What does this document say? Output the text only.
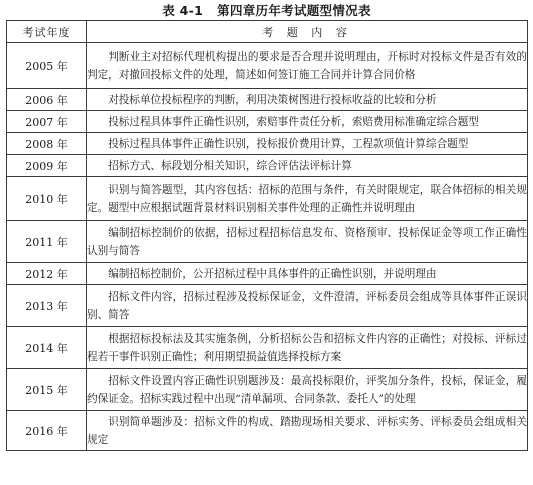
表 4-1 第四章历年考试题型情况表
考试年度	考 题 内 容
2005 年	判断业主对招标代理机构提出的要求是否合理并说明理由，开标时对投标文件是否有效的判定，对撤回投标文件的处理，简述如何签订施工合同并计算合同价格

2006 年	对投标单位投标程序的判断，利用决策树图进行投标收益的比较和分析

2007 年	投标过程具体事件正确性识别，索赔事件责任分析，索赔费用标准确定综合题型

2008 年	投标过程具体事件正确性识别，投标报价费用计算，工程款项值计算综合题型

2009 年	招标方式、标段划分相关知识，综合评估法评标计算

2010 年	识别与简答题型，其内容包括：招标的范围与条件，有关时限规定，联合体招标的相关规定。题型中应根据试题背景材料识别相关事件处理的正确性并说明理由

2011 年	编制招标控制价的依据，招标过程招标信息发布、资格预审、投标保证金等项工作正确性认别与简答

2012 年	编制招标控制价，公开招标过程中具体事件的正确性识别，并说明理由

2013 年	招标文件内容，招标过程涉及投标保证金，文件澄清，评标委员会组成等具体事件正误识别、简答

2014 年	根据招标投标法及其实施条例，分析招标公告和招标文件内容的正确性；对投标、评标过程若干事件识别正确性；利用期望损益值选择投标方案

2015 年	招标文件设置内容正确性识别题涉及：最高投标限价，评奖加分条件，投标，保证金，履约保证金。招标实践过程中出现“清单漏项、合同条款、委托人”的处理

2016 年	识别简单题涉及：招标文件的构成、踏勘现场相关要求、评标实务、评标委员会组成相关规定
